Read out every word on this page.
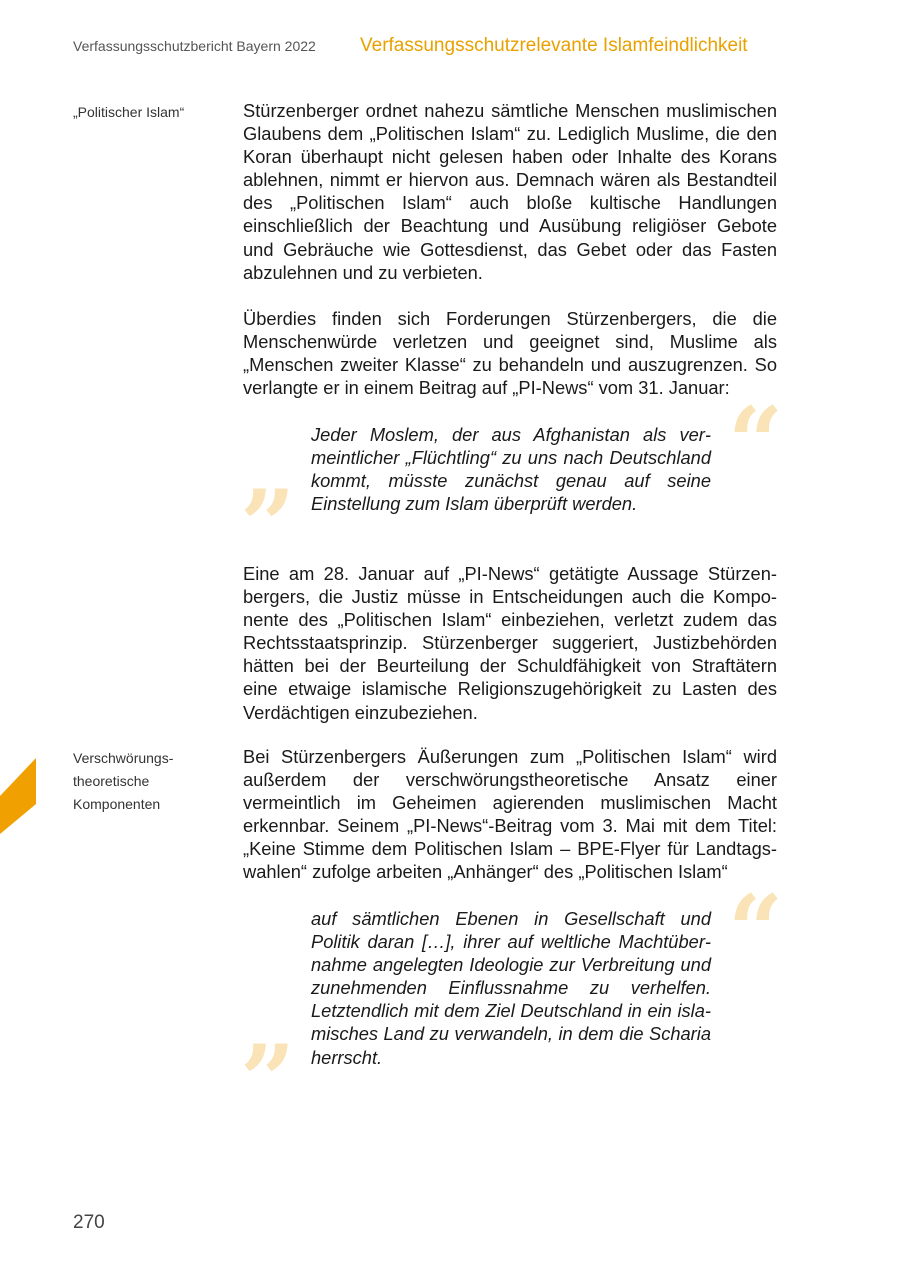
Verfassungsschutzbericht Bayern 2022 Verfassungsschutzrelevante Islamfeindlichkeit
„Politischer Islam“
Verschwörungs-
theoretische
Komponenten

Stürzenberger ordnet nahezu sämtliche Menschen muslimischen Glaubens dem „Politischen Islam“ zu. Lediglich Muslime, die den Koran überhaupt nicht gelesen haben oder Inhalte des Korans ablehnen, nimmt er hiervon aus. Demnach wären als Bestandteil des „Politischen Islam“ auch bloße kultische Handlungen einschließlich der Beachtung und Ausübung religiöser Gebote und Gebräuche wie Gottesdienst, das Gebet oder das Fasten abzulehnen und zu verbieten.

Überdies finden sich Forderungen Stürzenbergers, die die Menschenwürde verletzen und geeignet sind, Muslime als „Menschen zweiter Klasse“ zu behandeln und auszugrenzen. So verlangte er in einem Beitrag auf „PI-News“ vom 31. Januar:

“

Jeder Moslem, der aus Afghanistan als vermeintlicher „Flüchtling“ zu uns nach Deutschland kommt, müsste zunächst genau auf seine Einstellung zum Islam überprüft werden.

”

Eine am 28. Januar auf „PI-News“ getätigte Aussage Stürzenbergers, die Justiz müsse in Entscheidungen auch die Komponente des „Politischen Islam“ einbeziehen, verletzt zudem das Rechtsstaatsprinzip. Stürzenberger suggeriert, Justizbehörden hätten bei der Beurteilung der Schuldfähigkeit von Straftätern eine etwaige islamische Religionszugehörigkeit zu Lasten des Verdächtigen einzubeziehen.

Bei Stürzenbergers Äußerungen zum „Politischen Islam“ wird außerdem der verschwörungstheoretische Ansatz einer vermeintlich im Geheimen agierenden muslimischen Macht erkennbar. Seinem „PI-News“-Beitrag vom 3. Mai mit dem Titel: „Keine Stimme dem Politischen Islam – BPE-Flyer für Landtagswahlen“ zufolge arbeiten „Anhänger“ des „Politischen Islam“

“

auf sämtlichen Ebenen in Gesellschaft und Politik daran […], ihrer auf weltliche Machtübernahme angelegten Ideologie zur Verbreitung und zunehmenden Einflussnahme zu verhelfen. Letztendlich mit dem Ziel Deutschland in ein islamisches Land zu verwandeln, in dem die Scharia herrscht.

”
270
